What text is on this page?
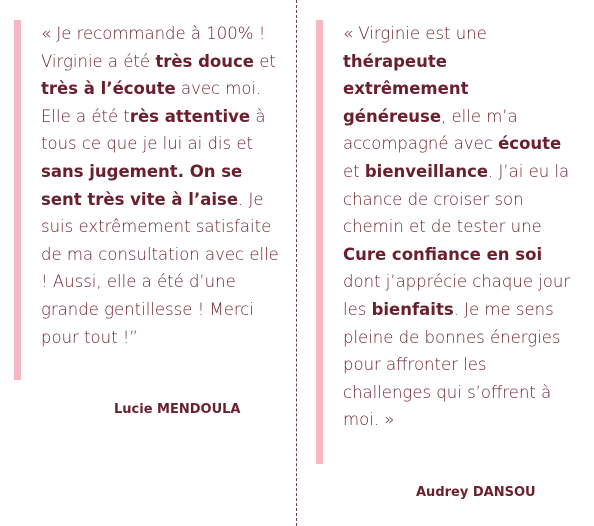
« Je recommande à 100% ! Virginie a été très douce et très à l’écoute avec moi. Elle a été très attentive à tous ce que je lui ai dis et sans jugement. On se sent très vite à l’aise. Je suis extrêmement satisfaite de ma consultation avec elle ! Aussi, elle a été d’une grande gentillesse ! Merci pour tout !”
Lucie MENDOULA
« Virginie est une thérapeute extrêmement généreuse, elle m’a accompagné avec écoute et bienveillance. J’ai eu la chance de croiser son chemin et de tester une Cure confiance en soi dont j’apprécie chaque jour les bienfaits. Je me sens pleine de bonnes énergies pour affronter les challenges qui s’offrent à moi. »
Audrey DANSOU
